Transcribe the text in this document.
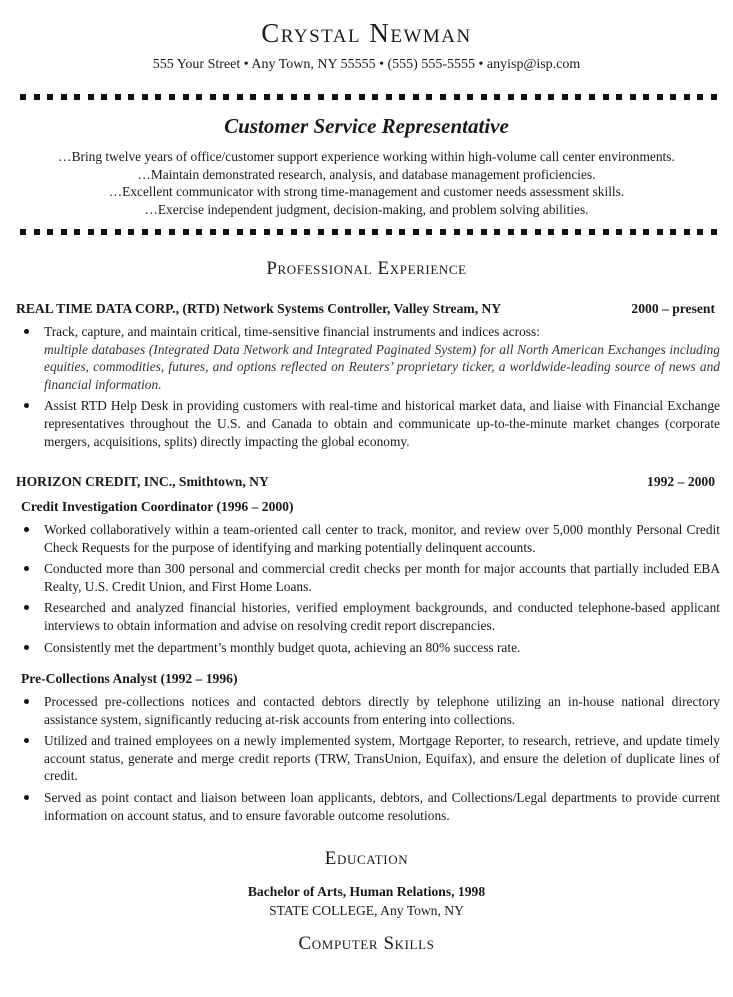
Crystal Newman
555 Your Street • Any Town, NY 55555 • (555) 555-5555 • anyisp@isp.com
Customer Service Representative
…Bring twelve years of office/customer support experience working within high-volume call center environments.
…Maintain demonstrated research, analysis, and database management proficiencies.
…Excellent communicator with strong time-management and customer needs assessment skills.
…Exercise independent judgment, decision-making, and problem solving abilities.
Professional Experience
REAL TIME DATA CORP., (RTD) Network Systems Controller, Valley Stream, NY	2000 – present
Track, capture, and maintain critical, time-sensitive financial instruments and indices across:
multiple databases (Integrated Data Network and Integrated Paginated System) for all North American Exchanges including equities, commodities, futures, and options reflected on Reuters’ proprietary ticker, a worldwide-leading source of news and financial information.
Assist RTD Help Desk in providing customers with real-time and historical market data, and liaise with Financial Exchange representatives throughout the U.S. and Canada to obtain and communicate up-to-the-minute market changes (corporate mergers, acquisitions, splits) directly impacting the global economy.
HORIZON CREDIT, INC., Smithtown, NY	1992 – 2000
Credit Investigation Coordinator (1996 – 2000)
Worked collaboratively within a team-oriented call center to track, monitor, and review over 5,000 monthly Personal Credit Check Requests for the purpose of identifying and marking potentially delinquent accounts.
Conducted more than 300 personal and commercial credit checks per month for major accounts that partially included EBA Realty, U.S. Credit Union, and First Home Loans.
Researched and analyzed financial histories, verified employment backgrounds, and conducted telephone-based applicant interviews to obtain information and advise on resolving credit report discrepancies.
Consistently met the department’s monthly budget quota, achieving an 80% success rate.
Pre-Collections Analyst (1992 – 1996)
Processed pre-collections notices and contacted debtors directly by telephone utilizing an in-house national directory assistance system, significantly reducing at-risk accounts from entering into collections.
Utilized and trained employees on a newly implemented system, Mortgage Reporter, to research, retrieve, and update timely account status, generate and merge credit reports (TRW, TransUnion, Equifax), and ensure the deletion of duplicate lines of credit.
Served as point contact and liaison between loan applicants, debtors, and Collections/Legal departments to provide current information on account status, and to ensure favorable outcome resolutions.
Education
Bachelor of Arts, Human Relations, 1998
STATE COLLEGE, Any Town, NY
Computer Skills
